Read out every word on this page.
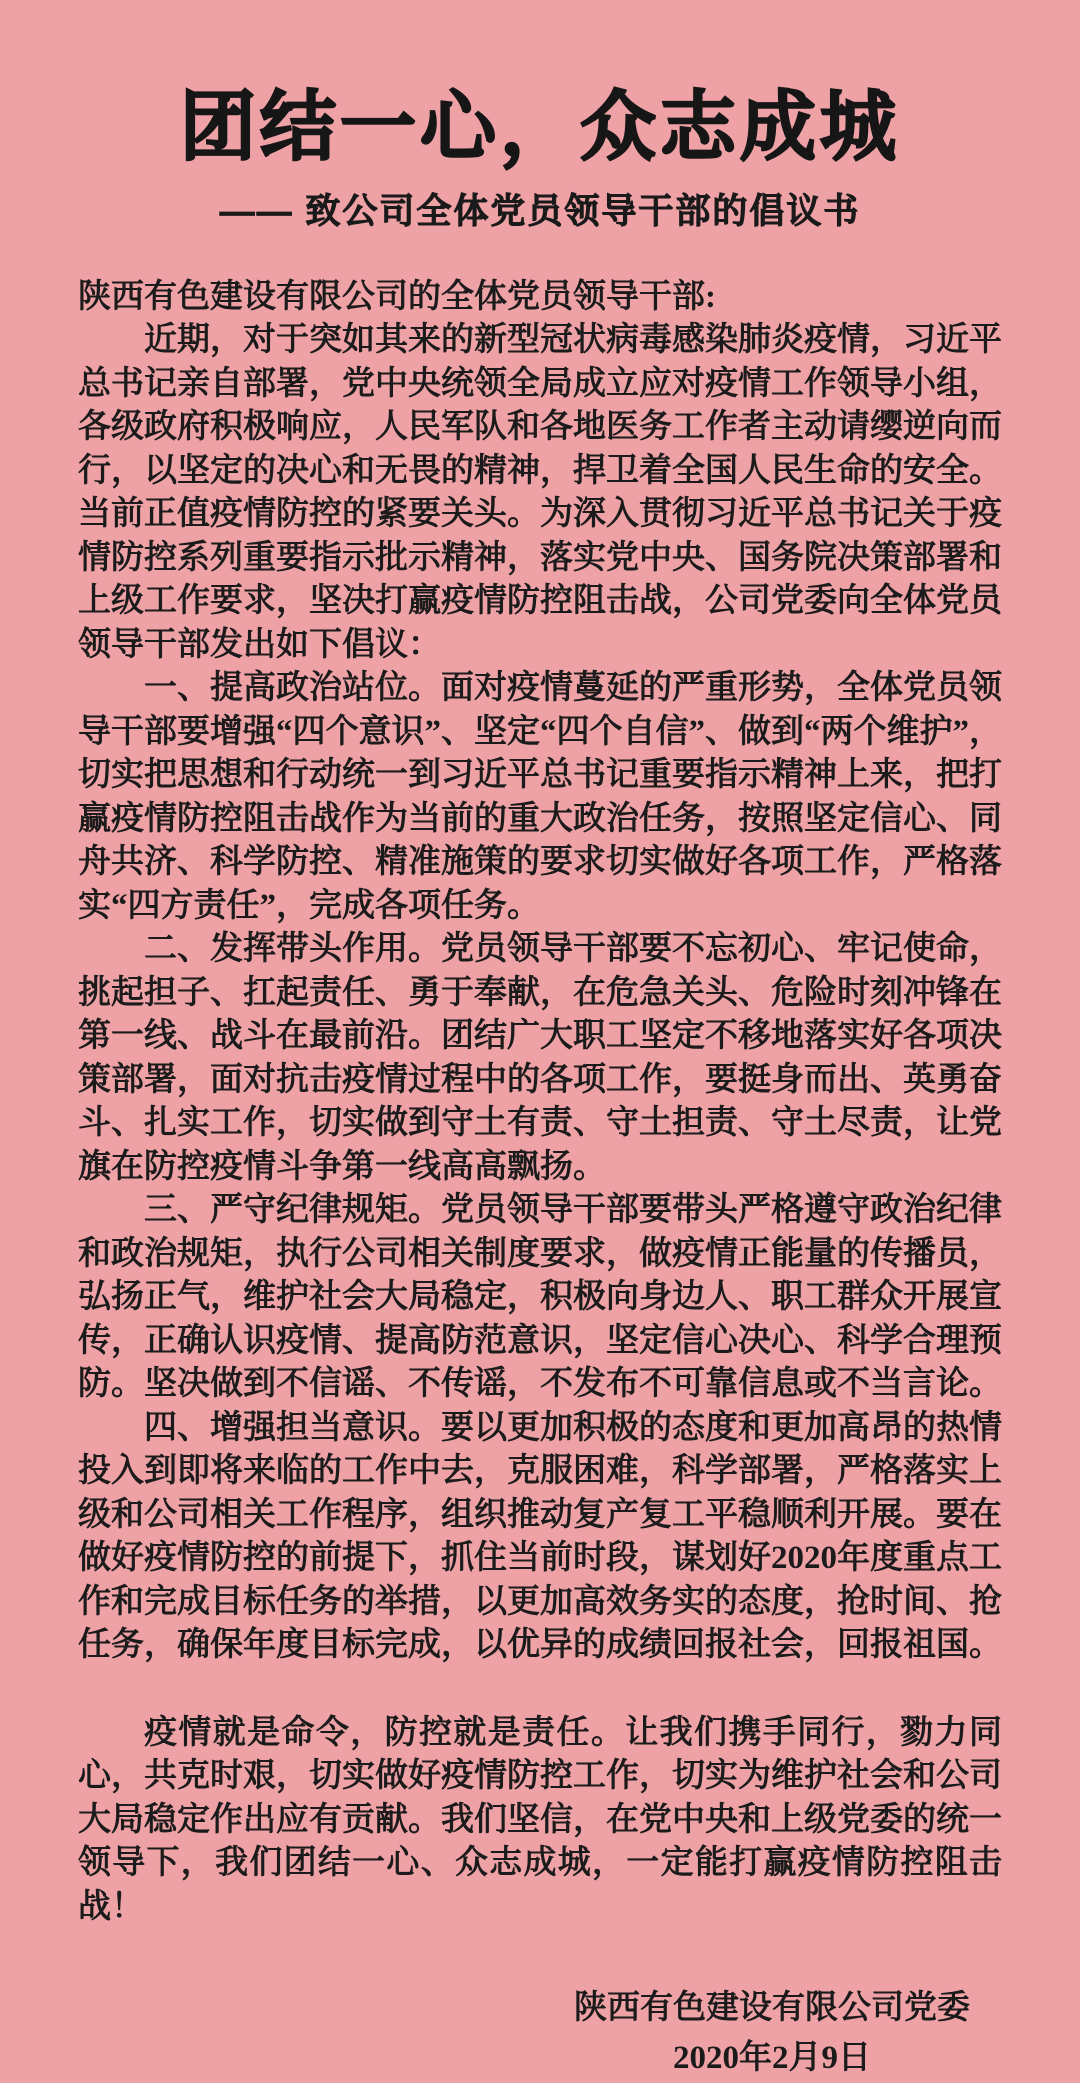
团结一心，众志成城
—— 致公司全体党员领导干部的倡议书

陕西有色建设有限公司的全体党员领导干部:

近期，对于突如其来的新型冠状病毒感染肺炎疫情，习近平总书记亲自部署，党中央统领全局成立应对疫情工作领导小组，各级政府积极响应，人民军队和各地医务工作者主动请缨逆向而行，以坚定的决心和无畏的精神，捍卫着全国人民生命的安全。当前正值疫情防控的紧要关头。为深入贯彻习近平总书记关于疫情防控系列重要指示批示精神，落实党中央、国务院决策部署和上级工作要求，坚决打赢疫情防控阻击战，公司党委向全体党员领导干部发出如下倡议：

一、提高政治站位。面对疫情蔓延的严重形势，全体党员领导干部要增强“四个意识”、坚定“四个自信”、做到“两个维护”，切实把思想和行动统一到习近平总书记重要指示精神上来，把打赢疫情防控阻击战作为当前的重大政治任务，按照坚定信心、同舟共济、科学防控、精准施策的要求切实做好各项工作，严格落实“四方责任”，完成各项任务。

二、发挥带头作用。党员领导干部要不忘初心、牢记使命，挑起担子、扛起责任、勇于奉献，在危急关头、危险时刻冲锋在第一线、战斗在最前沿。团结广大职工坚定不移地落实好各项决策部署，面对抗击疫情过程中的各项工作，要挺身而出、英勇奋斗、扎实工作，切实做到守土有责、守土担责、守土尽责，让党旗在防控疫情斗争第一线高高飘扬。

三、严守纪律规矩。党员领导干部要带头严格遵守政治纪律和政治规矩，执行公司相关制度要求，做疫情正能量的传播员，弘扬正气，维护社会大局稳定，积极向身边人、职工群众开展宣传，正确认识疫情、提高防范意识，坚定信心决心、科学合理预防。坚决做到不信谣、不传谣，不发布不可靠信息或不当言论。

四、增强担当意识。要以更加积极的态度和更加高昂的热情投入到即将来临的工作中去，克服困难，科学部署，严格落实上级和公司相关工作程序，组织推动复产复工平稳顺利开展。要在做好疫情防控的前提下，抓住当前时段，谋划好2020年度重点工作和完成目标任务的举措，以更加高效务实的态度，抢时间、抢任务，确保年度目标完成，以优异的成绩回报社会，回报祖国。

疫情就是命令，防控就是责任。让我们携手同行，勠力同心，共克时艰，切实做好疫情防控工作，切实为维护社会和公司大局稳定作出应有贡献。我们坚信，在党中央和上级党委的统一领导下，我们团结一心、众志成城，一定能打赢疫情防控阻击战！

陕西有色建设有限公司党委
2020年2月9日
